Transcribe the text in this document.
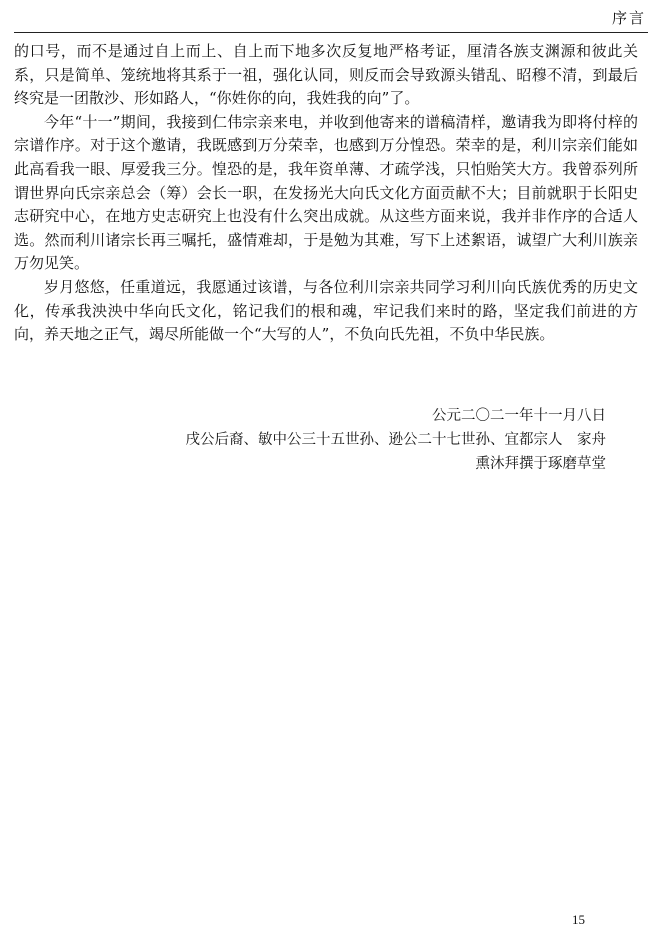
序言

的口号，而不是通过自上而上、自上而下地多次反复地严格考证，厘清各族支渊源和彼此关系，只是简单、笼统地将其系于一祖，强化认同，则反而会导致源头错乱、昭穆不清，到最后终究是一团散沙、形如路人，“你姓你的向，我姓我的向”了。

今年“十一”期间，我接到仁伟宗亲来电，并收到他寄来的谱稿清样，邀请我为即将付梓的宗谱作序。对于这个邀请，我既感到万分荣幸，也感到万分惶恐。荣幸的是，利川宗亲们能如此高看我一眼、厚爱我三分。惶恐的是，我年资单薄、才疏学浅，只怕贻笑大方。我曾忝列所谓世界向氏宗亲总会（筹）会长一职，在发扬光大向氏文化方面贡献不大；目前就职于长阳史志研究中心，在地方史志研究上也没有什么突出成就。从这些方面来说，我并非作序的合适人选。然而利川诸宗长再三嘱托，盛情难却，于是勉为其难，写下上述絮语，诚望广大利川族亲万勿见笑。

岁月悠悠，任重道远，我愿通过该谱，与各位利川宗亲共同学习利川向氏族优秀的历史文化，传承我泱泱中华向氏文化，铭记我们的根和魂，牢记我们来时的路，坚定我们前进的方向，养天地之正气，竭尽所能做一个“大写的人”，不负向氏先祖，不负中华民族。

公元二〇二一年十一月八日
戌公后裔、敏中公三十五世孙、逊公二十七世孙、宜都宗人　家舟
熏沐拜撰于琢磨草堂
15
